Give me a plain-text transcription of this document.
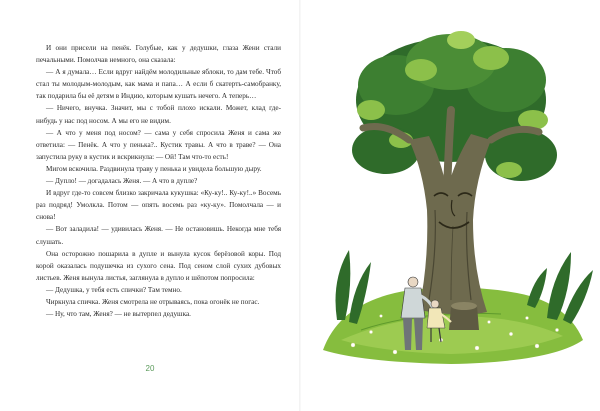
И они присели на пенёк. Голубые, как у дедушки, глаза Жени стали печальными. Помолчав немного, она сказала:

— А я думала… Если вдруг найдём молодильные яблоки, то дам тебе. Чтоб стал ты молодым-молодым, как мама и папа… А если б скатерть-самобранку, так подарила бы её детям в Индию, которым кушать нечего. А теперь…

— Ничего, внучка. Значит, мы с тобой плохо искали. Может, клад где-нибудь у нас под носом. А мы его не видим.

— А что у меня под носом? — сама у себя спросила Женя и сама же ответила: — Пенёк. А что у пенька?.. Кустик травы. А что в траве? — Она запустила руку в кустик и вскрикнула: — Ой! Там что-то есть!

Мигом вскочила. Раздвинула траву у пенька и увидела большую дыру.

— Дупло! — догадалась Женя. — А что в дупле?

И вдруг где-то совсем близко закричала кукушка: «Ку-ку!.. Ку-ку!..» Восемь раз подряд! Умолкла. Потом — опять восемь раз «ку-ку». Помолчала — и снова!

— Вот заладила! — удивилась Женя. — Не остановишь. Некогда мне тебя слушать.

Она осторожно пошарила в дупле и вынула кусок берёзовой коры. Под корой оказалась подушечка из сухого сена. Под сеном слой сухих дубовых листьев. Женя вынула листья, заглянула в дупло и шёпотом попросила:

— Дедушка, у тебя есть спички? Там темно.

Чиркнула спичка. Женя смотрела не отрываясь, пока огонёк не погас.

— Ну, что там, Женя? — не вытерпел дедушка.

20
